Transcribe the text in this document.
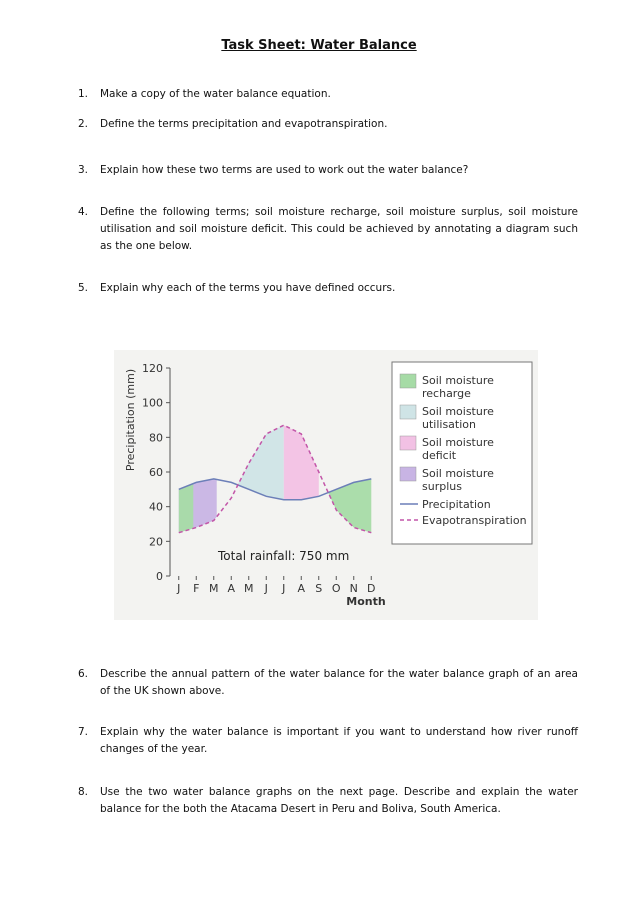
Task Sheet: Water Balance
1.	Make a copy of the water balance equation.
2.	Define the terms precipitation and evapotranspiration.
3.	Explain how these two terms are used to work out the water balance?
4.	Define the following terms; soil moisture recharge, soil moisture surplus, soil moisture utilisation and soil moisture deficit. This could be achieved by annotating a diagram such as the one below.
5.	Explain why each of the terms you have defined occurs.
0
20
40
60
80
100
120
J F M A M J J A S O N D
Soil moisture recharge
Soil moisture utilisation
Soil moisture deficit
Soil moisture surplus
Precipitation
Evapotranspiration
Precipitation (mm)
Month
Total rainfall: 750 mm
6.	Describe the annual pattern of the water balance for the water balance graph of an area of the UK shown above.
7.	Explain why the water balance is important if you want to understand how river runoff changes of the year.
8.	Use the two water balance graphs on the next page. Describe and explain the water balance for the both the Atacama Desert in Peru and Boliva, South America.
